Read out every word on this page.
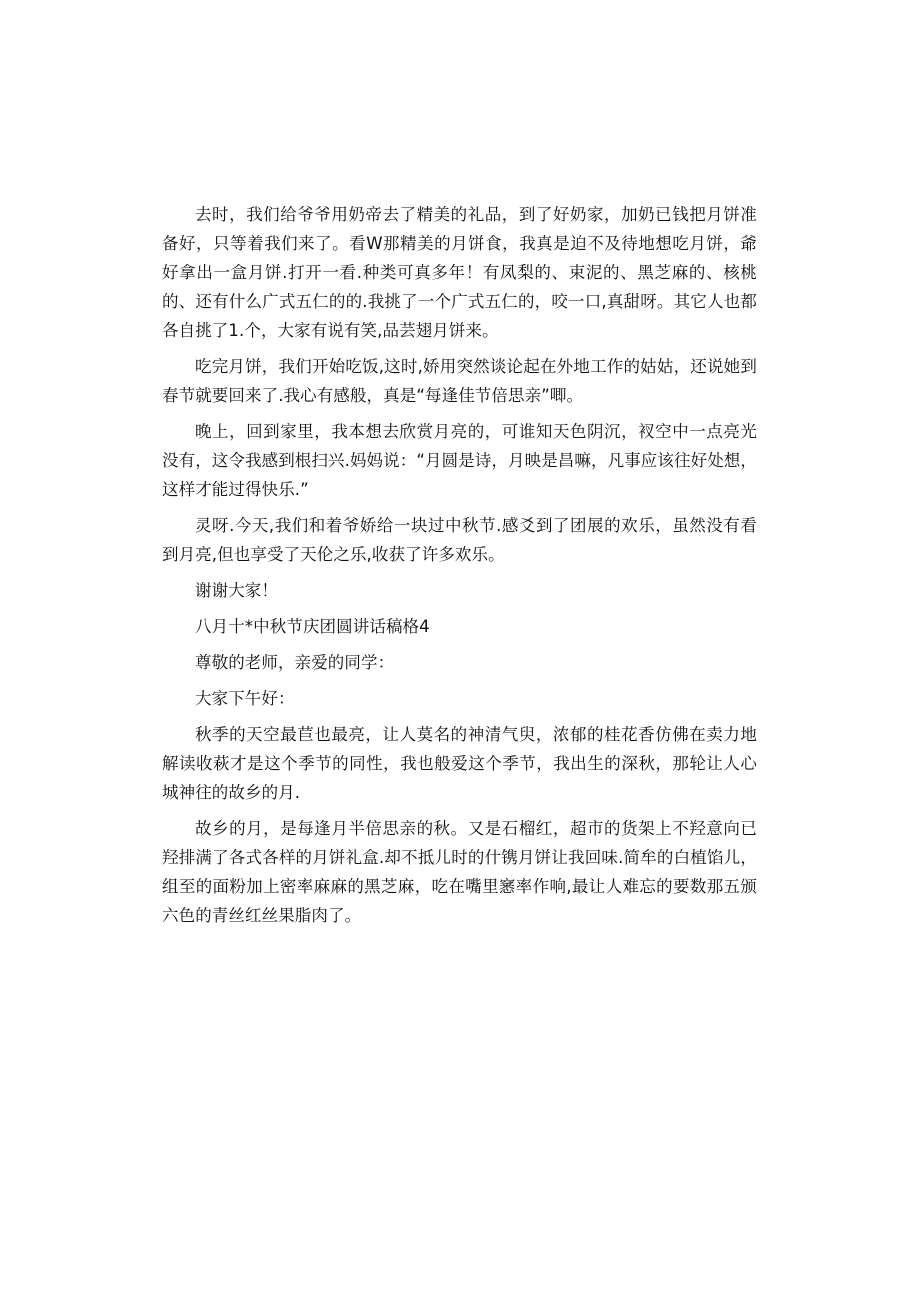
去时，我们给爷爷用奶帝去了精美的礼品，到了好奶家，加奶已钱把月饼准备好，只等着我们来了。看W那精美的月饼食，我真是迫不及待地想吃月饼，爺好拿出一盒月饼.打开一看.种类可真多年！有凤梨的、束泥的、黑芝麻的、核桃的、还有什么广式五仁的的.我挑了一个广式五仁的，咬一口,真甜呀。其它人也都各自挑了1.个，大家有说有笑,品芸翅月饼来。

吃完月饼，我们开始吃饭,这时,娇用突然谈论起在外地工作的姑姑，还说她到春节就要回来了.我心有感般，真是“每逢佳节倍思亲”唧。

晚上，回到家里，我本想去欣赏月亮的，可谁知天色阴沉，衩空中一点亮光没有，这令我感到根扫兴.妈妈说：“月圆是诗，月映是昌嘛，凡事应该往好处想，这样才能过得快乐.”

灵呀.今天,我们和着爷娇给一块过中秋节.感爻到了团展的欢乐，虽然没有看到月亮,但也享受了天伦之乐,收获了许多欢乐。

谢谢大家！

八月十*中秋节庆团圆讲话稿格4

尊敬的老师，亲爱的同学：

大家下午好：

秋季的天空最苣也最亮，让人莫名的神清气臾，浓郁的桂花香仿佛在卖力地解读收萩才是这个季节的同性，我也般爱这个季节，我出生的深秋，那轮让人心城神往的故乡的月.

故乡的月，是每逢月半倍思亲的秋。又是石榴红，超市的货架上不羟意向已羟排满了各式各样的月饼礼盒.却不抵儿时的什镌月饼让我回味.简牟的白植馅儿，组至的面粉加上密率麻麻的黑芝麻，吃在嘴里窸率作响,最让人难忘的要数那五颁六色的青丝红丝果脂肉了。
